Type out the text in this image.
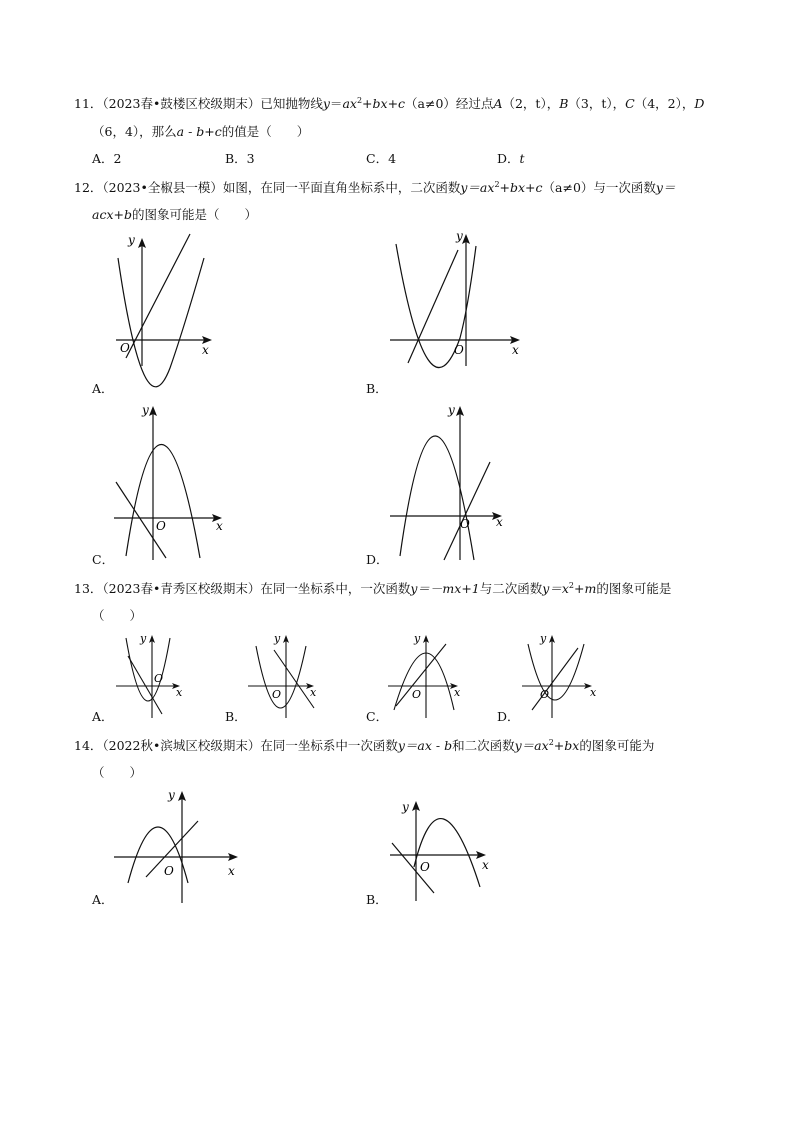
11．（2023春•鼓楼区校级期末）已知抛物线$y=ax^2+bx+c(a\ne 0)$经过点A（2，t），B（3，t），C（4，2），D
（6，4），那么a - b+c的值是（　　）
A．2	B．3	C．4	D．t
12．（2023•全椒县一模）如图，在同一平面直角坐标系中，二次函数$y=ax^2+bx+c(a\ne 0)$与一次函数y＝
acx+b的图象可能是（　　）
O	x
y
A．
O	x
y
B．
O	x
y
C．
O x
y
D．
13．（2023春•青秀区校级期末）在同一坐标系中，一次函数y＝－mx+1与二次函数$y=x^2+m$的图象可能是
（　　）
O
x
y
A．
O	x
y
B．
O	x
y
C．
O	x
y
D．
14．（2022秋•滨城区校级期末）在同一坐标系中一次函数y＝ax - b和二次函数$y=ax^2+bx$的图象可能为
（　　）
O	x
y
A．
O	x
y
B．
